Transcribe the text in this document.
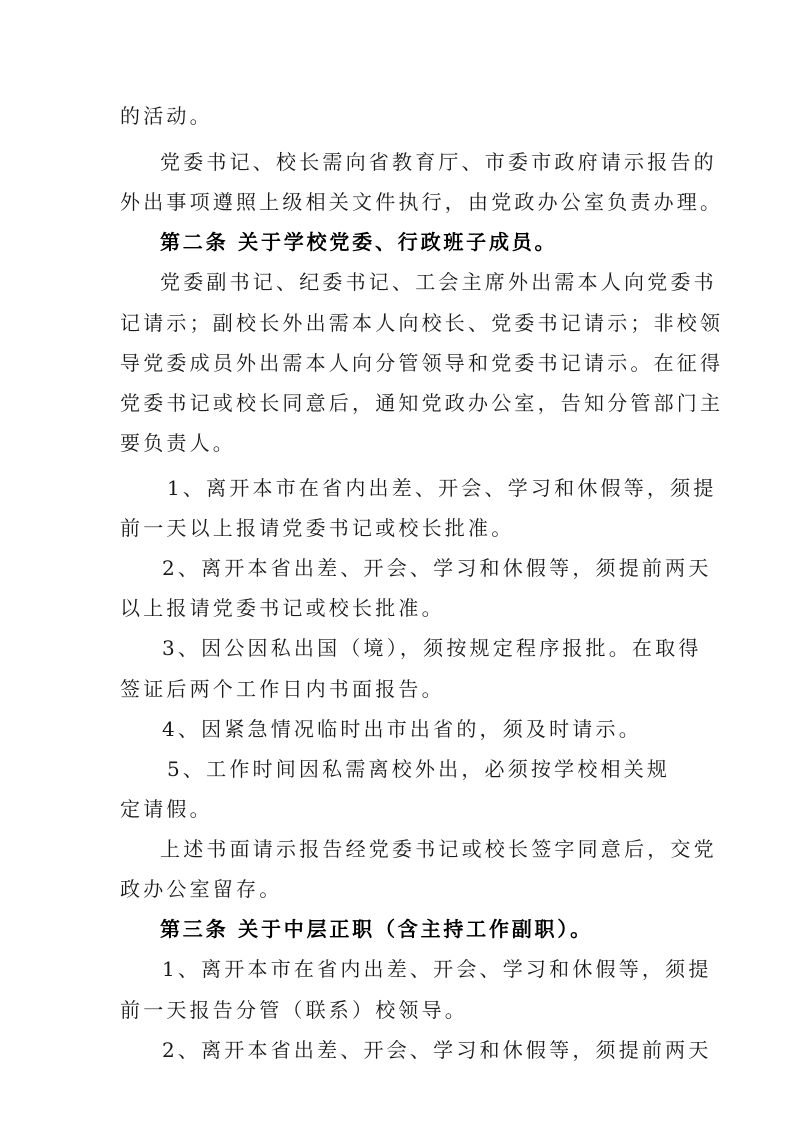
的活动。
党委书记、校长需向省教育厅、市委市政府请示报告的
外出事项遵照上级相关文件执行，由党政办公室负责办理。
第二条 关于学校党委、行政班子成员。
党委副书记、纪委书记、工会主席外出需本人向党委书
记请示；副校长外出需本人向校长、党委书记请示；非校领
导党委成员外出需本人向分管领导和党委书记请示。在征得
党委书记或校长同意后，通知党政办公室，告知分管部门主
要负责人。
1、离开本市在省内出差、开会、学习和休假等，须提
前一天以上报请党委书记或校长批准。
2、离开本省出差、开会、学习和休假等，须提前两天
以上报请党委书记或校长批准。
3、因公因私出国（境），须按规定程序报批。在取得
签证后两个工作日内书面报告。
4、因紧急情况临时出市出省的，须及时请示。
5、工作时间因私需离校外出，必须按学校相关规
定请假。
上述书面请示报告经党委书记或校长签字同意后，交党
政办公室留存。
第三条 关于中层正职（含主持工作副职）。
1、离开本市在省内出差、开会、学习和休假等，须提
前一天报告分管（联系）校领导。
2、离开本省出差、开会、学习和休假等，须提前两天
